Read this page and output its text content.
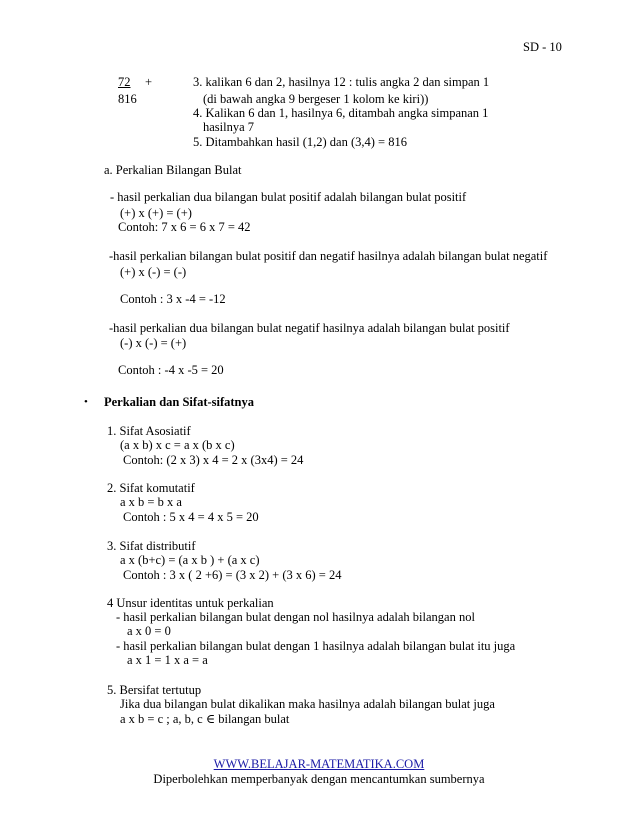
SD - 10
72 +
816
3. kalikan 6 dan 2, hasilnya 12 : tulis angka 2 dan simpan 1
(di bawah angka 9 bergeser 1 kolom ke kiri))
4. Kalikan 6 dan 1, hasilnya 6, ditambah angka simpanan 1
hasilnya 7
5. Ditambahkan hasil (1,2) dan (3,4) = 816
a. Perkalian Bilangan Bulat
- hasil perkalian dua bilangan bulat positif adalah bilangan bulat positif
(+) x (+) = (+)
Contoh: 7 x 6 = 6 x 7 = 42
-hasil perkalian bilangan bulat positif dan negatif hasilnya adalah bilangan bulat negatif
(+) x (-) = (-)
Contoh : 3 x -4 = -12
-hasil perkalian dua bilangan bulat negatif hasilnya adalah bilangan bulat positif
(-) x (-) = (+)
Contoh : -4 x -5 = 20
• Perkalian dan Sifat-sifatnya
1. Sifat Asosiatif
(a x b) x c = a x (b x c)
Contoh: (2 x 3) x 4 = 2 x (3x4) = 24
2. Sifat komutatif
a x b = b x a
Contoh : 5 x 4 = 4 x 5 = 20
3. Sifat distributif
a x (b+c) = (a x b ) + (a x c)
Contoh : 3 x ( 2 +6) = (3 x 2) + (3 x 6) = 24
4 Unsur identitas untuk perkalian
- hasil perkalian bilangan bulat dengan nol hasilnya adalah bilangan nol
a x 0 = 0
- hasil perkalian bilangan bulat dengan 1 hasilnya adalah bilangan bulat itu juga
a x 1 = 1 x a = a
5. Bersifat tertutup
Jika dua bilangan bulat dikalikan maka hasilnya adalah bilangan bulat juga
a x b = c ; a, b, c ∈ bilangan bulat
WWW.BELAJAR-MATEMATIKA.COM
Diperbolehkan memperbanyak dengan mencantumkan sumbernya
